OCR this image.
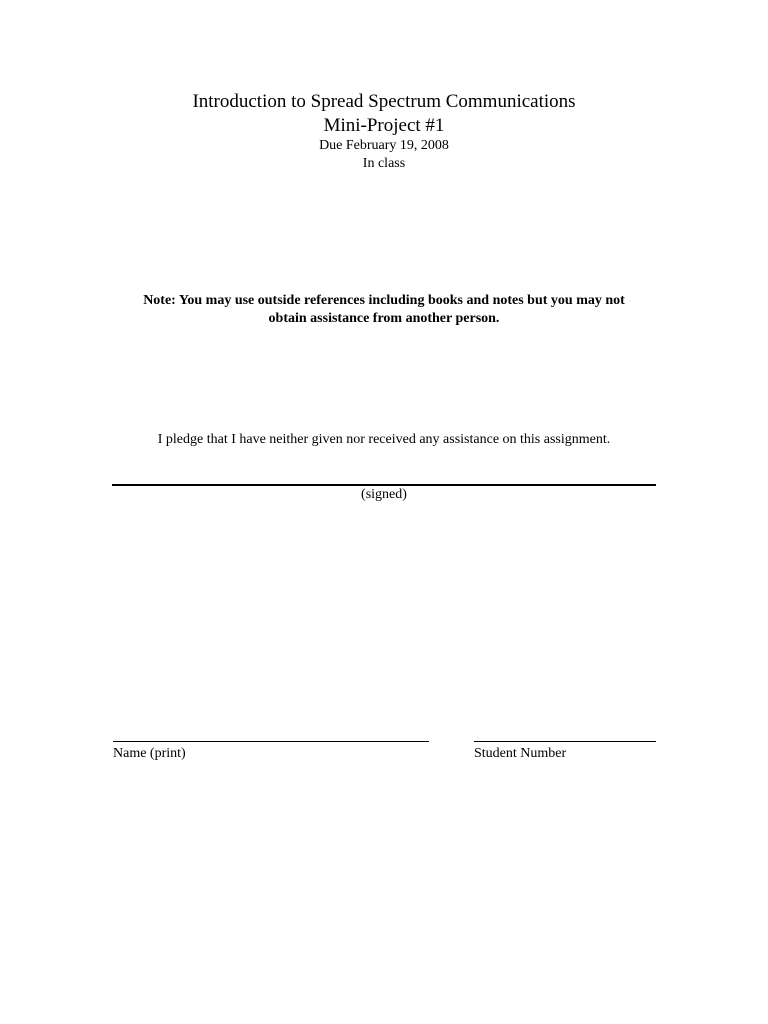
Introduction to Spread Spectrum Communications
Mini-Project #1
Due February 19, 2008
In class
Note: You may use outside references including books and notes but you may not
obtain assistance from another person.
I pledge that I have neither given nor received any assistance on this assignment.
(signed)
Name (print)	Student Number
